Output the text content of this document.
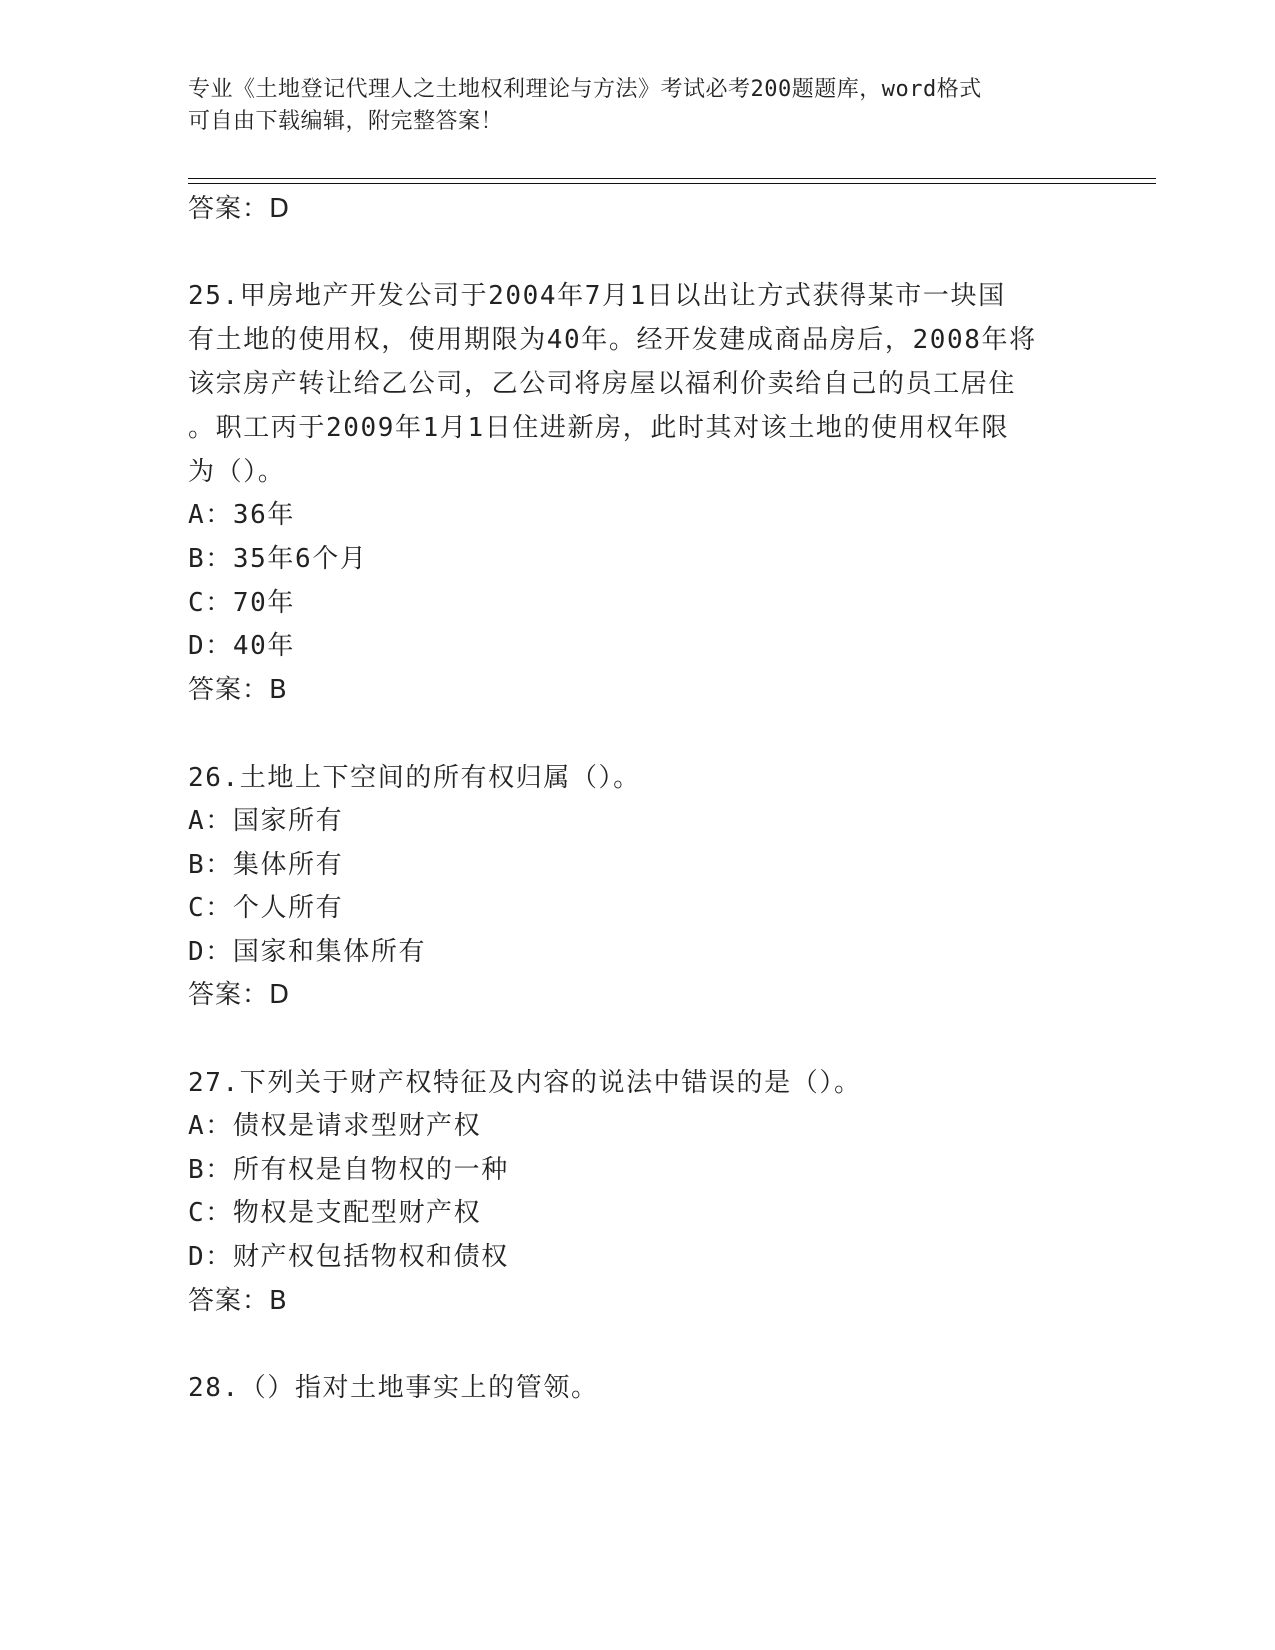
专业《土地登记代理人之土地权利理论与方法》考试必考200题题库，word格式
可自由下载编辑，附完整答案！
答案：D
25.甲房地产开发公司于2004年7月1日以出让方式获得某市一块国
有土地的使用权，使用期限为40年。经开发建成商品房后，2008年将
该宗房产转让给乙公司，乙公司将房屋以福利价卖给自己的员工居住
。职工丙于2009年1月1日住进新房，此时其对该土地的使用权年限
为（）。
A：36年
B：35年6个月
C：70年
D：40年
答案：B
26.土地上下空间的所有权归属（）。
A：国家所有
B：集体所有
C：个人所有
D：国家和集体所有
答案：D
27.下列关于财产权特征及内容的说法中错误的是（）。
A：债权是请求型财产权
B：所有权是自物权的一种
C：物权是支配型财产权
D：财产权包括物权和债权
答案：B
28.（）指对土地事实上的管领。
